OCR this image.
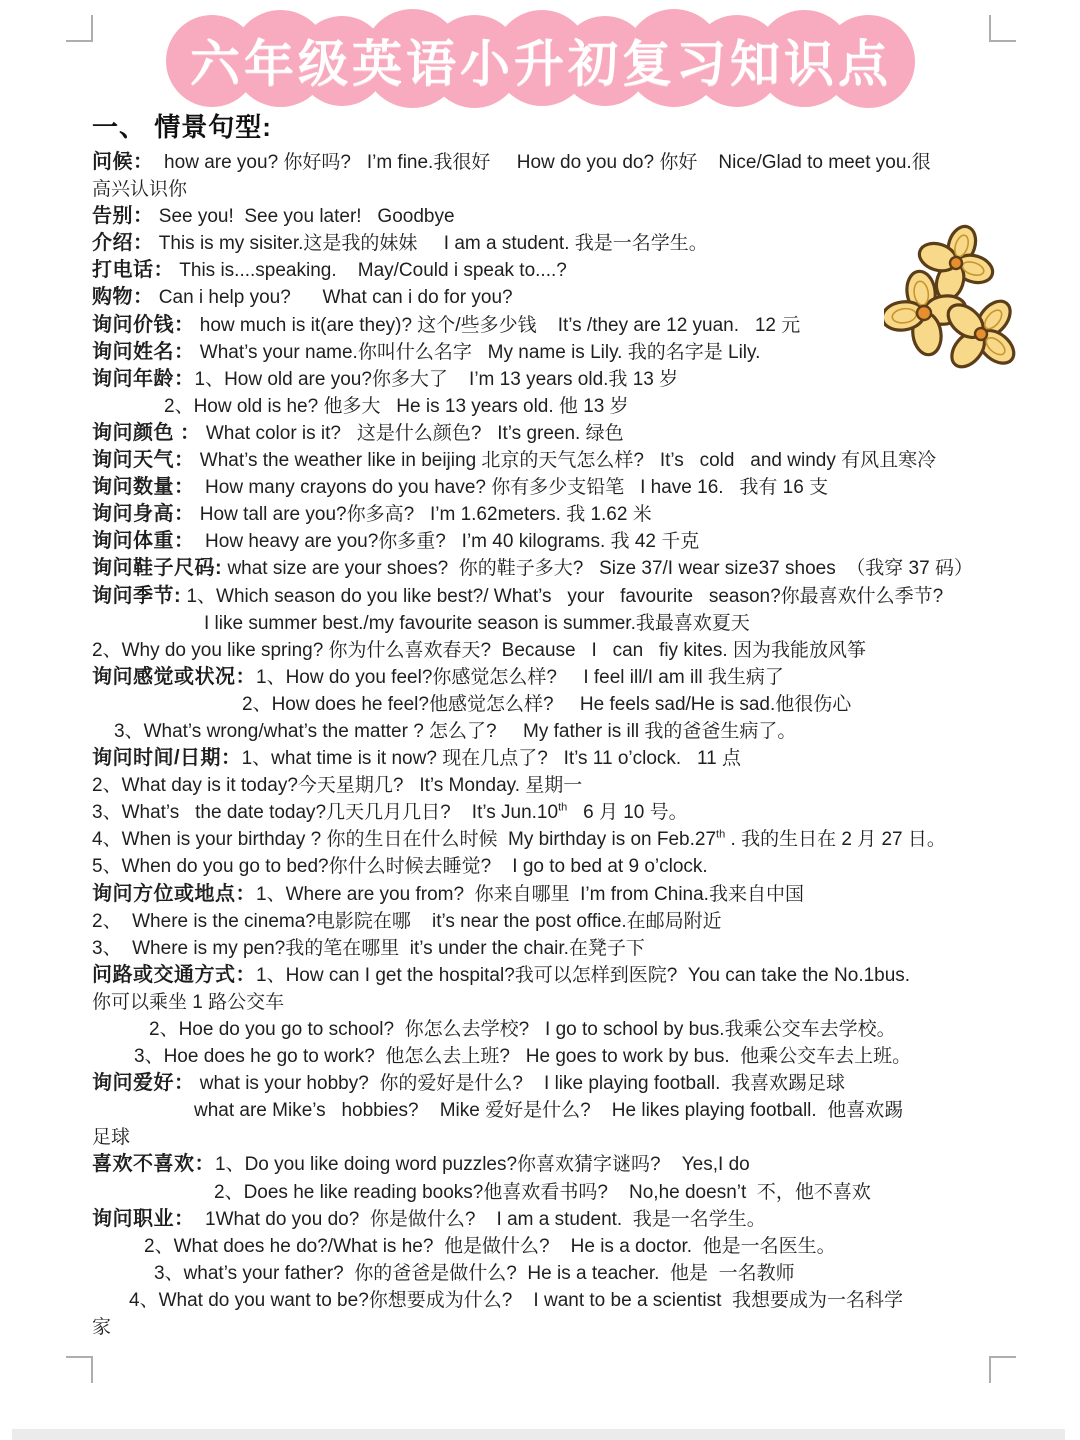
六年级英语小升初复习知识点
一、 情景句型:
问候：  how are you? 你好吗?   I’m fine.我很好     How do you do? 你好    Nice/Glad to meet you.很
高兴认识你
告别： See you!  See you later!   Goodbye
介绍： This is my sisiter.这是我的妹妹     I am a student. 我是一名学生。
打电话： This is....speaking.    May/Could i speak to....?
购物： Can i help you?      What can i do for you?
询问价钱： how much is it(are they)? 这个/些多少钱    It’s /they are 12 yuan.   12 元
询问姓名： What’s your name.你叫什么名字   My name is Lily. 我的名字是 Lily.
询问年龄：1、How old are you?你多大了    I’m 13 years old.我 13 岁
2、How old is he? 他多大   He is 13 years old. 他 13 岁
询问颜色 ： What color is it?   这是什么颜色?   It’s green. 绿色
询问天气： What’s the weather like in beijing 北京的天气怎么样?   It’s   cold   and windy 有风且寒冷
询问数量：  How many crayons do you have? 你有多少支铅笔   I have 16.   我有 16 支
询问身高： How tall are you?你多高?   I’m 1.62meters. 我 1.62 米
询问体重：  How heavy are you?你多重?   I’m 40 kilograms. 我 42 千克
询问鞋子尺码: what size are your shoes?  你的鞋子多大?   Size 37/I wear size37 shoes  （我穿 37 码）
询问季节: 1、Which season do you like best?/ What’s   your   favourite   season?你最喜欢什么季节?
I like summer best./my favourite season is summer.我最喜欢夏天
2、Why do you like spring? 你为什么喜欢春天?  Because   I   can   fiy kites. 因为我能放风筝
询问感觉或状况：1、How do you feel?你感觉怎么样?     I feel ill/I am ill 我生病了
2、How does he feel?他感觉怎么样?     He feels sad/He is sad.他很伤心
3、What’s wrong/what’s the matter ? 怎么了?     My father is ill 我的爸爸生病了。
询问时间/日期：1、what time is it now? 现在几点了?   It’s 11 o’clock.   11 点
2、What day is it today?今天星期几?   It’s Monday. 星期一
3、What’s   the date today?几天几月几日?    It’s Jun.10th   6 月 10 号。
4、When is your birthday ? 你的生日在什么时候  My birthday is on Feb.27th . 我的生日在 2 月 27 日。
5、When do you go to bed?你什么时候去睡觉?    I go to bed at 9 o’clock.
询问方位或地点：1、Where are you from?  你来自哪里  I’m from China.我来自中国
2、  Where is the cinema?电影院在哪    it’s near the post office.在邮局附近
3、  Where is my pen?我的笔在哪里  it’s under the chair.在凳子下
问路或交通方式：1、How can I get the hospital?我可以怎样到医院?  You can take the No.1bus.
你可以乘坐 1 路公交车
2、Hoe do you go to school?  你怎么去学校?   I go to school by bus.我乘公交车去学校。
3、Hoe does he go to work?  他怎么去上班?   He goes to work by bus.  他乘公交车去上班。
询问爱好： what is your hobby?  你的爱好是什么?    I like playing football.  我喜欢踢足球
what are Mike’s   hobbies?    Mike 爱好是什么?    He likes playing football.  他喜欢踢
足球
喜欢不喜欢：1、Do you like doing word puzzles?你喜欢猜字谜吗?    Yes,I do
2、Does he like reading books?他喜欢看书吗?    No,he doesn’t  不，他不喜欢
询问职业：  1What do you do?  你是做什么?    I am a student.  我是一名学生。
2、What does he do?/What is he?  他是做什么?    He is a doctor.  他是一名医生。
3、what’s your father?  你的爸爸是做什么?  He is a teacher.  他是  一名教师
4、What do you want to be?你想要成为什么?    I want to be a scientist  我想要成为一名科学
家
